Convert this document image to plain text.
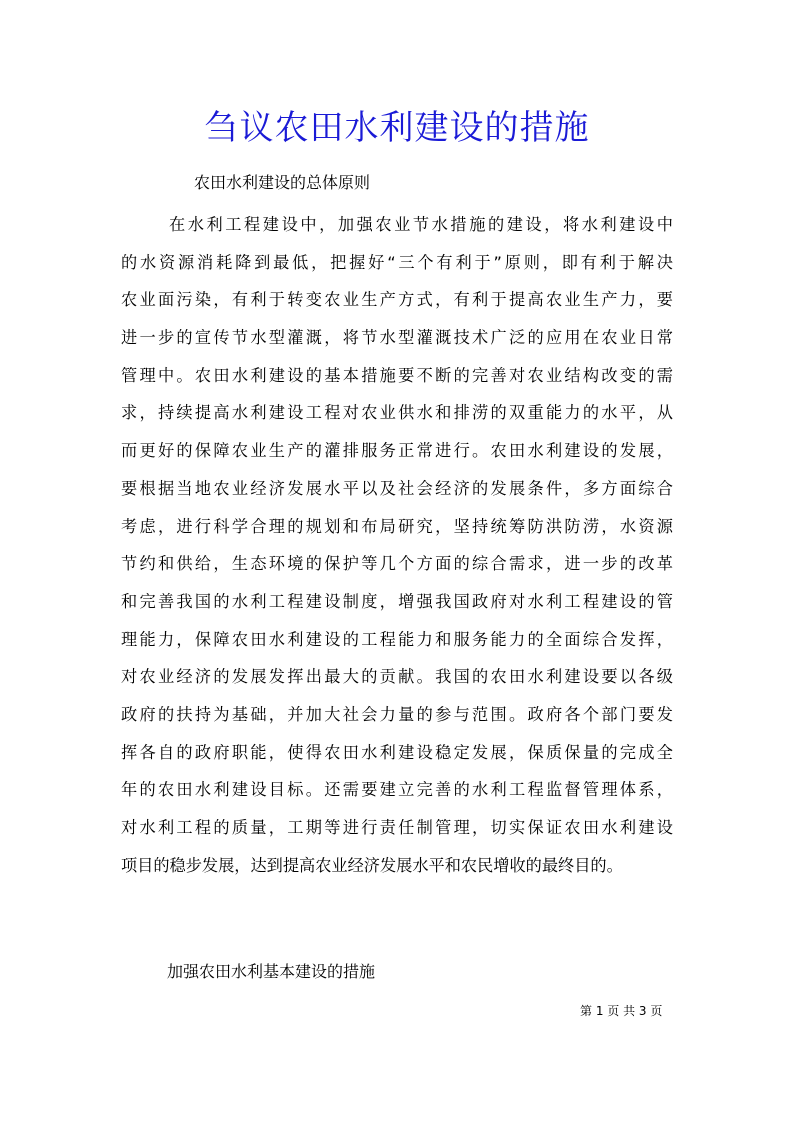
刍议农田水利建设的措施
农田水利建设的总体原则
在水利工程建设中，加强农业节水措施的建设，将水利建设中
的水资源消耗降到最低，把握好“三个有利于”原则，即有利于解决
农业面污染，有利于转变农业生产方式，有利于提高农业生产力，要
进一步的宣传节水型灌溉，将节水型灌溉技术广泛的应用在农业日常
管理中。农田水利建设的基本措施要不断的完善对农业结构改变的需
求，持续提高水利建设工程对农业供水和排涝的双重能力的水平，从
而更好的保障农业生产的灌排服务正常进行。农田水利建设的发展，
要根据当地农业经济发展水平以及社会经济的发展条件，多方面综合
考虑，进行科学合理的规划和布局研究，坚持统筹防洪防涝，水资源
节约和供给，生态环境的保护等几个方面的综合需求，进一步的改革
和完善我国的水利工程建设制度，增强我国政府对水利工程建设的管
理能力，保障农田水利建设的工程能力和服务能力的全面综合发挥，
对农业经济的发展发挥出最大的贡献。我国的农田水利建设要以各级
政府的扶持为基础，并加大社会力量的参与范围。政府各个部门要发
挥各自的政府职能，使得农田水利建设稳定发展，保质保量的完成全
年的农田水利建设目标。还需要建立完善的水利工程监督管理体系，
对水利工程的质量，工期等进行责任制管理，切实保证农田水利建设
项目的稳步发展，达到提高农业经济发展水平和农民增收的最终目的。
加强农田水利基本建设的措施
第 1 页 共 3 页
